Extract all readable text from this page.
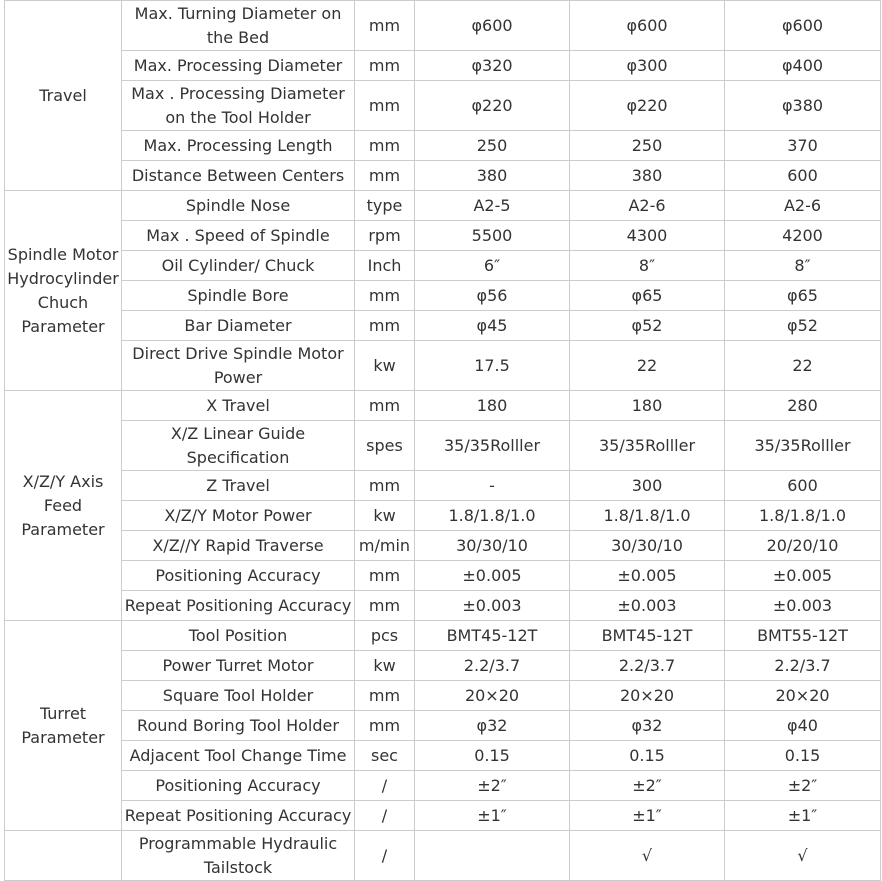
Travel	Max. Turning Diameter on the Bed	mm	φ600	φ600	φ600
	Max. Processing Diameter	mm	φ320	φ300	φ400
	Max . Processing Diameter on the Tool Holder	mm	φ220	φ220	φ380
	Max. Processing Length	mm	250	250	370
	Distance Between Centers	mm	380	380	600
Spindle Motor Hydrocylinder Chuch Parameter	Spindle Nose	type	A2-5	A2-6	A2-6
	Max . Speed of Spindle	rpm	5500	4300	4200
	Oil Cylinder/ Chuck	Inch	6″	8″	8″
	Spindle Bore	mm	φ56	φ65	φ65
	Bar Diameter	mm	φ45	φ52	φ52
	Direct Drive Spindle Motor Power	kw	17.5	22	22
X/Z/Y Axis Feed Parameter	X Travel	mm	180	180	280
	X/Z Linear Guide Specification	spes	35/35Rolller	35/35Rolller	35/35Rolller
	Z Travel	mm	-	300	600
	X/Z/Y Motor Power	kw	1.8/1.8/1.0	1.8/1.8/1.0	1.8/1.8/1.0
	X/Z//Y Rapid Traverse	m/min	30/30/10	30/30/10	20/20/10
	Positioning Accuracy	mm	±0.005	±0.005	±0.005
	Repeat Positioning Accuracy	mm	±0.003	±0.003	±0.003
Turret Parameter	Tool Position	pcs	BMT45-12T	BMT45-12T	BMT55-12T
	Power Turret Motor	kw	2.2/3.7	2.2/3.7	2.2/3.7
	Square Tool Holder	mm	20×20	20×20	20×20
	Round Boring Tool Holder	mm	φ32	φ32	φ40
	Adjacent Tool Change Time	sec	0.15	0.15	0.15
	Positioning Accuracy	/	±2″	±2″	±2″
	Repeat Positioning Accuracy	/	±1″	±1″	±1″
	Programmable Hydraulic Tailstock	/		√	√
